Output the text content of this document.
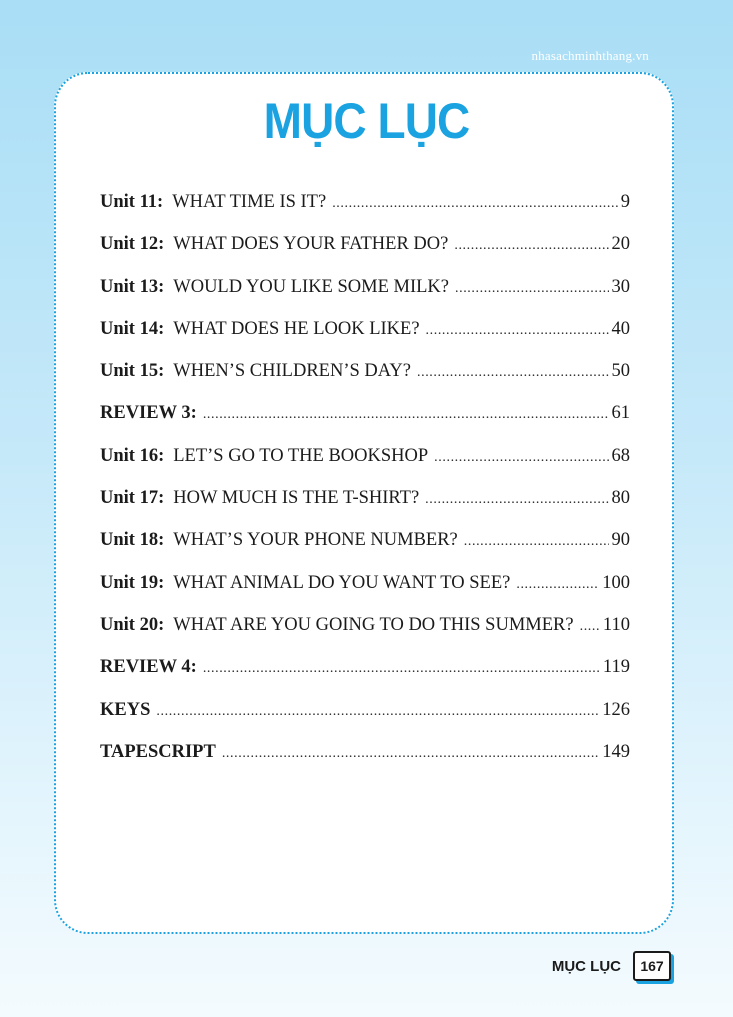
nhasachminhthang.vn
MỤC LỤC
Unit 11: WHAT TIME IS IT? .....	9
Unit 12: WHAT DOES YOUR FATHER DO? .....	20
Unit 13: WOULD YOU LIKE SOME MILK? .....	30
Unit 14: WHAT DOES HE LOOK LIKE? .....	40
Unit 15: WHEN’S CHILDREN’S DAY? .....	50
REVIEW 3: .....	61
Unit 16: LET’S GO TO THE BOOKSHOP .....	68
Unit 17: HOW MUCH IS THE T-SHIRT? .....	80
Unit 18: WHAT’S YOUR PHONE NUMBER? .....	90
Unit 19: WHAT ANIMAL DO YOU WANT TO SEE? .....	100
Unit 20: WHAT ARE YOU GOING TO DO THIS SUMMER? ..... 110
REVIEW 4: .....	119
KEYS .....	126
TAPESCRIPT .....	149
MỤC LỤC	167
